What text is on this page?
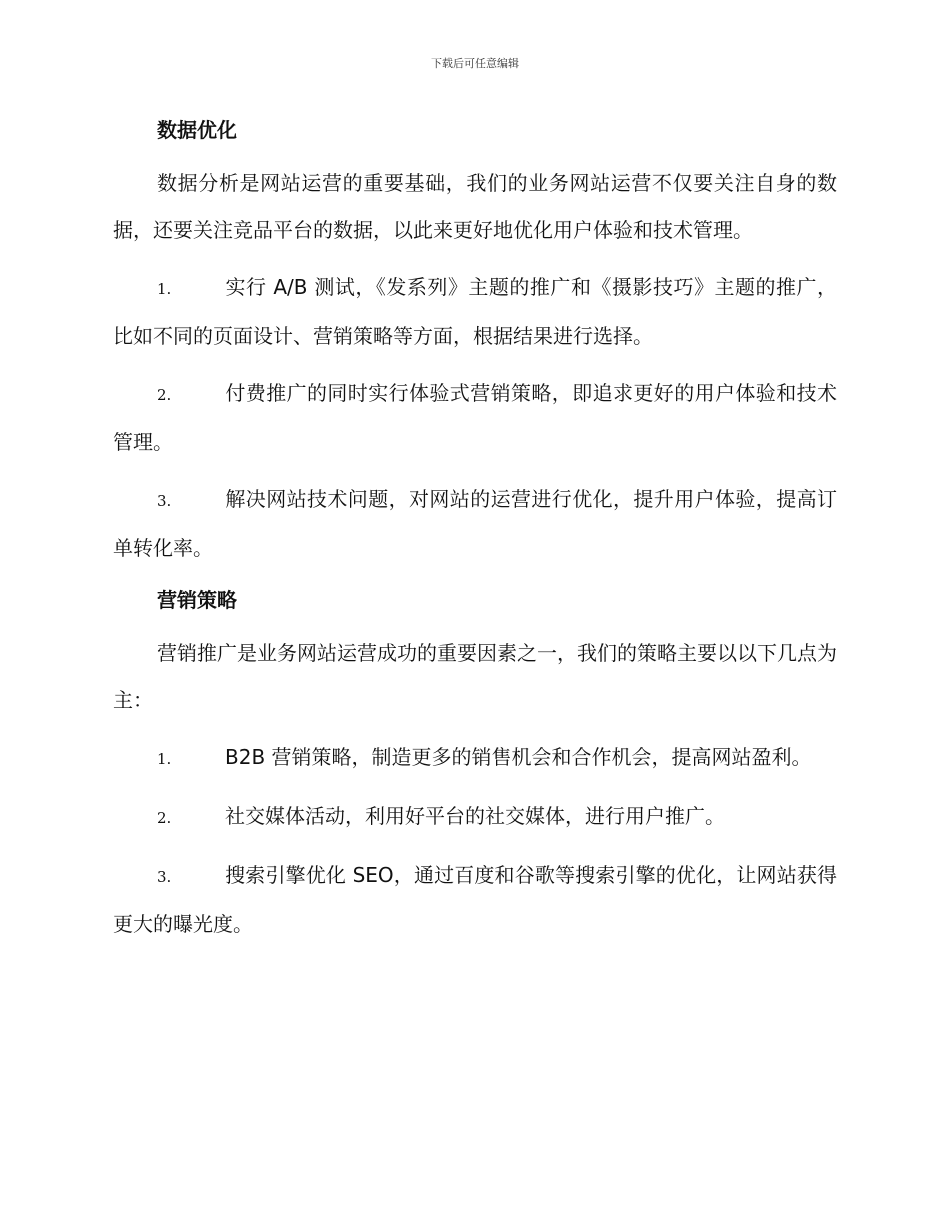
下载后可任意编辑
数据优化

数据分析是网站运营的重要基础，我们的业务网站运营不仅要关注自身的数据，还要关注竞品平台的数据，以此来更好地优化用户体验和技术管理。

1.	实行 A/B 测试，《发系列》主题的推广和《摄影技巧》主题的推广，比如不同的页面设计、营销策略等方面，根据结果进行选择。

2.	付费推广的同时实行体验式营销策略，即追求更好的用户体验和技术管理。

3.	解决网站技术问题，对网站的运营进行优化，提升用户体验，提高订单转化率。

营销策略

营销推广是业务网站运营成功的重要因素之一，我们的策略主要以以下几点为主：

1.	B2B 营销策略，制造更多的销售机会和合作机会，提高网站盈利。

2.	社交媒体活动，利用好平台的社交媒体，进行用户推广。

3.	搜索引擎优化 SEO，通过百度和谷歌等搜索引擎的优化，让网站获得更大的曝光度。
